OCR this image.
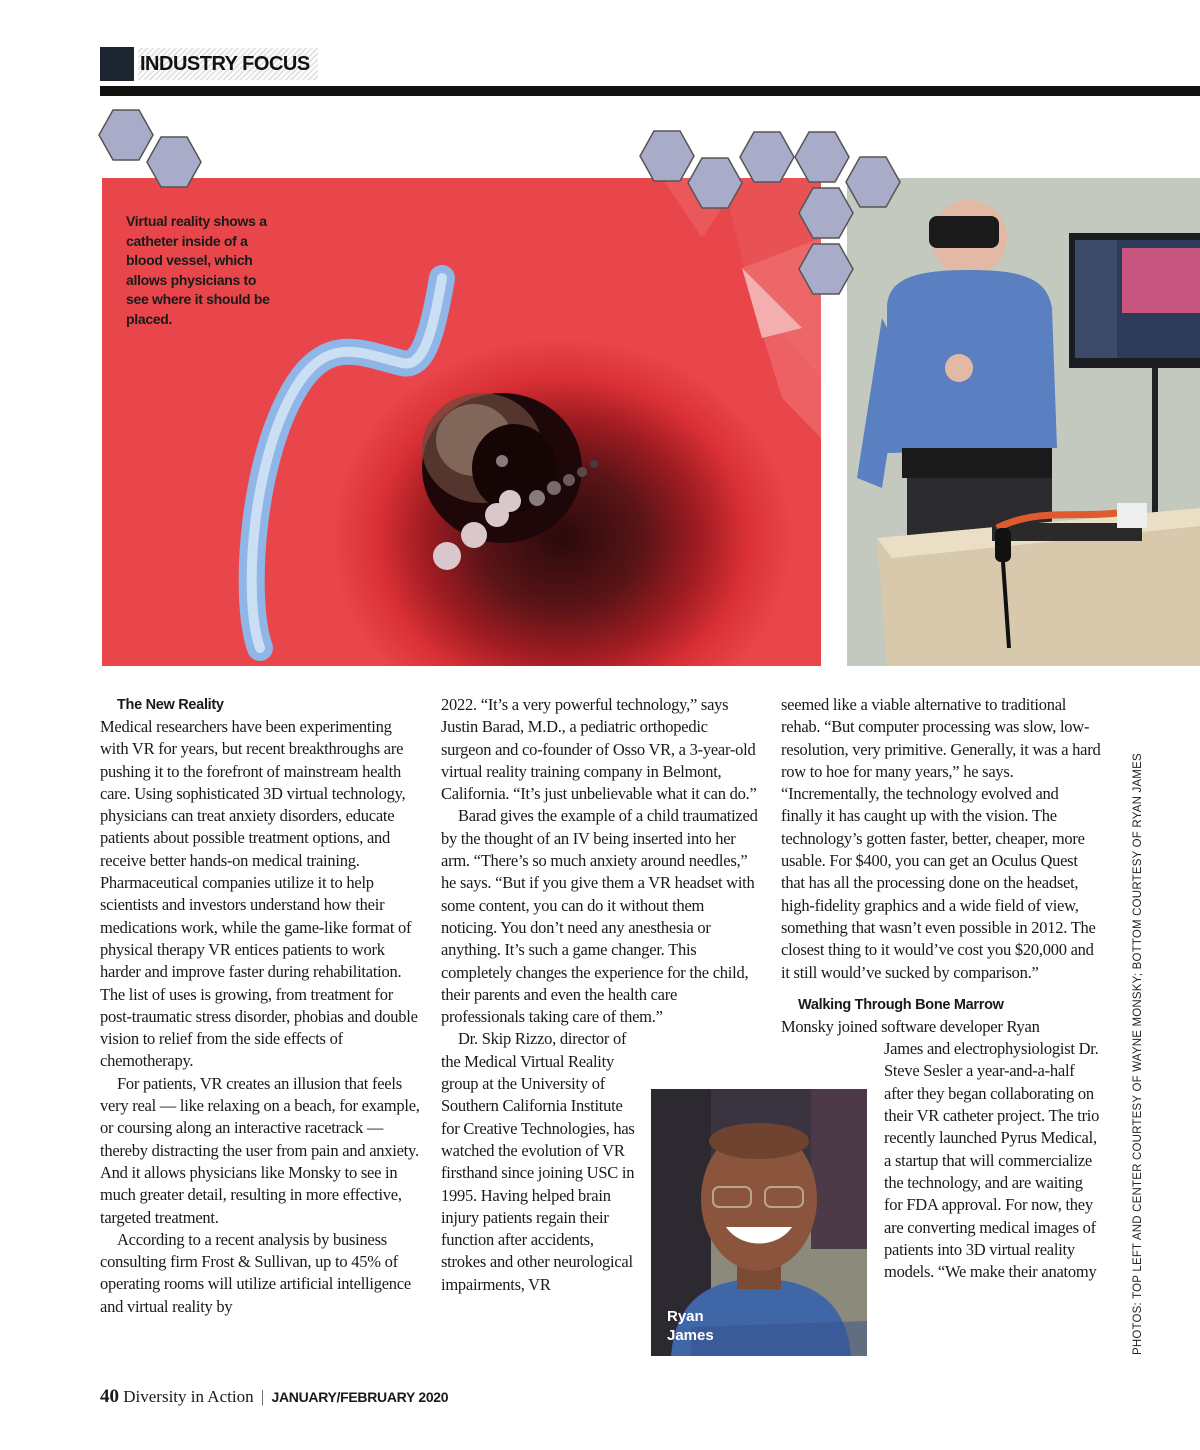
INDUSTRY FOCUS
Virtual reality shows a catheter inside of a blood vessel, which allows physicians to see where it should be placed.

The New Reality

Medical researchers have been experimenting with VR for years, but recent breakthroughs are pushing it to the forefront of mainstream health care. Using sophisticated 3D virtual technology, physicians can treat anxiety disorders, educate patients about possible treatment options, and receive better hands-on medical training. Pharmaceutical companies utilize it to help scientists and investors understand how their medications work, while the game-like format of physical therapy VR entices patients to work harder and improve faster during rehabilitation. The list of uses is growing, from treatment for post-traumatic stress disorder, phobias and double vision to relief from the side effects of chemotherapy.

For patients, VR creates an illusion that feels very real — like relaxing on a beach, for example, or coursing along an interactive racetrack — thereby distracting the user from pain and anxiety. And it allows physicians like Monsky to see in much greater detail, resulting in more effective, targeted treatment.

According to a recent analysis by business consulting firm Frost & Sullivan, up to 45% of operating rooms will utilize artificial intelligence and virtual reality by

2022. “It’s a very powerful technology,” says Justin Barad, M.D., a pediatric orthopedic surgeon and co-founder of Osso VR, a 3-year-old virtual reality training company in Belmont, California. “It’s just unbelievable what it can do.”

Barad gives the example of a child traumatized by the thought of an IV being inserted into her arm. “There’s so much anxiety around needles,” he says. “But if you give them a VR headset with some content, you can do it without them noticing. You don’t need any anesthesia or anything. It’s such a game changer. This completely changes the experience for the child, their parents and even the health care professionals taking care of them.”

Dr. Skip Rizzo, director of the Medical Virtual Reality group at the University of Southern California Institute for Creative Technologies, has watched the evolution of VR firsthand since joining USC in 1995. Having helped brain injury patients regain their function after accidents, strokes and other neurological impairments, VR

seemed like a viable alternative to traditional rehab. “But computer processing was slow, low-resolution, very primitive. Generally, it was a hard row to hoe for many years,” he says. “Incrementally, the technology evolved and finally it has caught up with the vision. The technology’s gotten faster, better, cheaper, more usable. For $400, you can get an Oculus Quest that has all the processing done on the headset, high-fidelity graphics and a wide field of view, something that wasn’t even possible in 2012. The closest thing to it would’ve cost you $20,000 and it still would’ve sucked by comparison.”

Walking Through Bone Marrow

Monsky joined software developer Ryan

James and electrophysiologist Dr. Steve Sesler a year-and-a-half after they began collaborating on their VR catheter project. The trio recently launched Pyrus Medical, a startup that will commercialize the technology, and are waiting for FDA approval. For now, they are converting medical images of patients into 3D virtual reality models. “We make their anatomy

Ryan
James	PHOTOS: TOP LEFT AND CENTER COURTESY OF WAYNE MONSKY; BOTTOM COURTESY OF RYAN JAMES
40 Diversity in Action | JANUARY/FEBRUARY 2020
